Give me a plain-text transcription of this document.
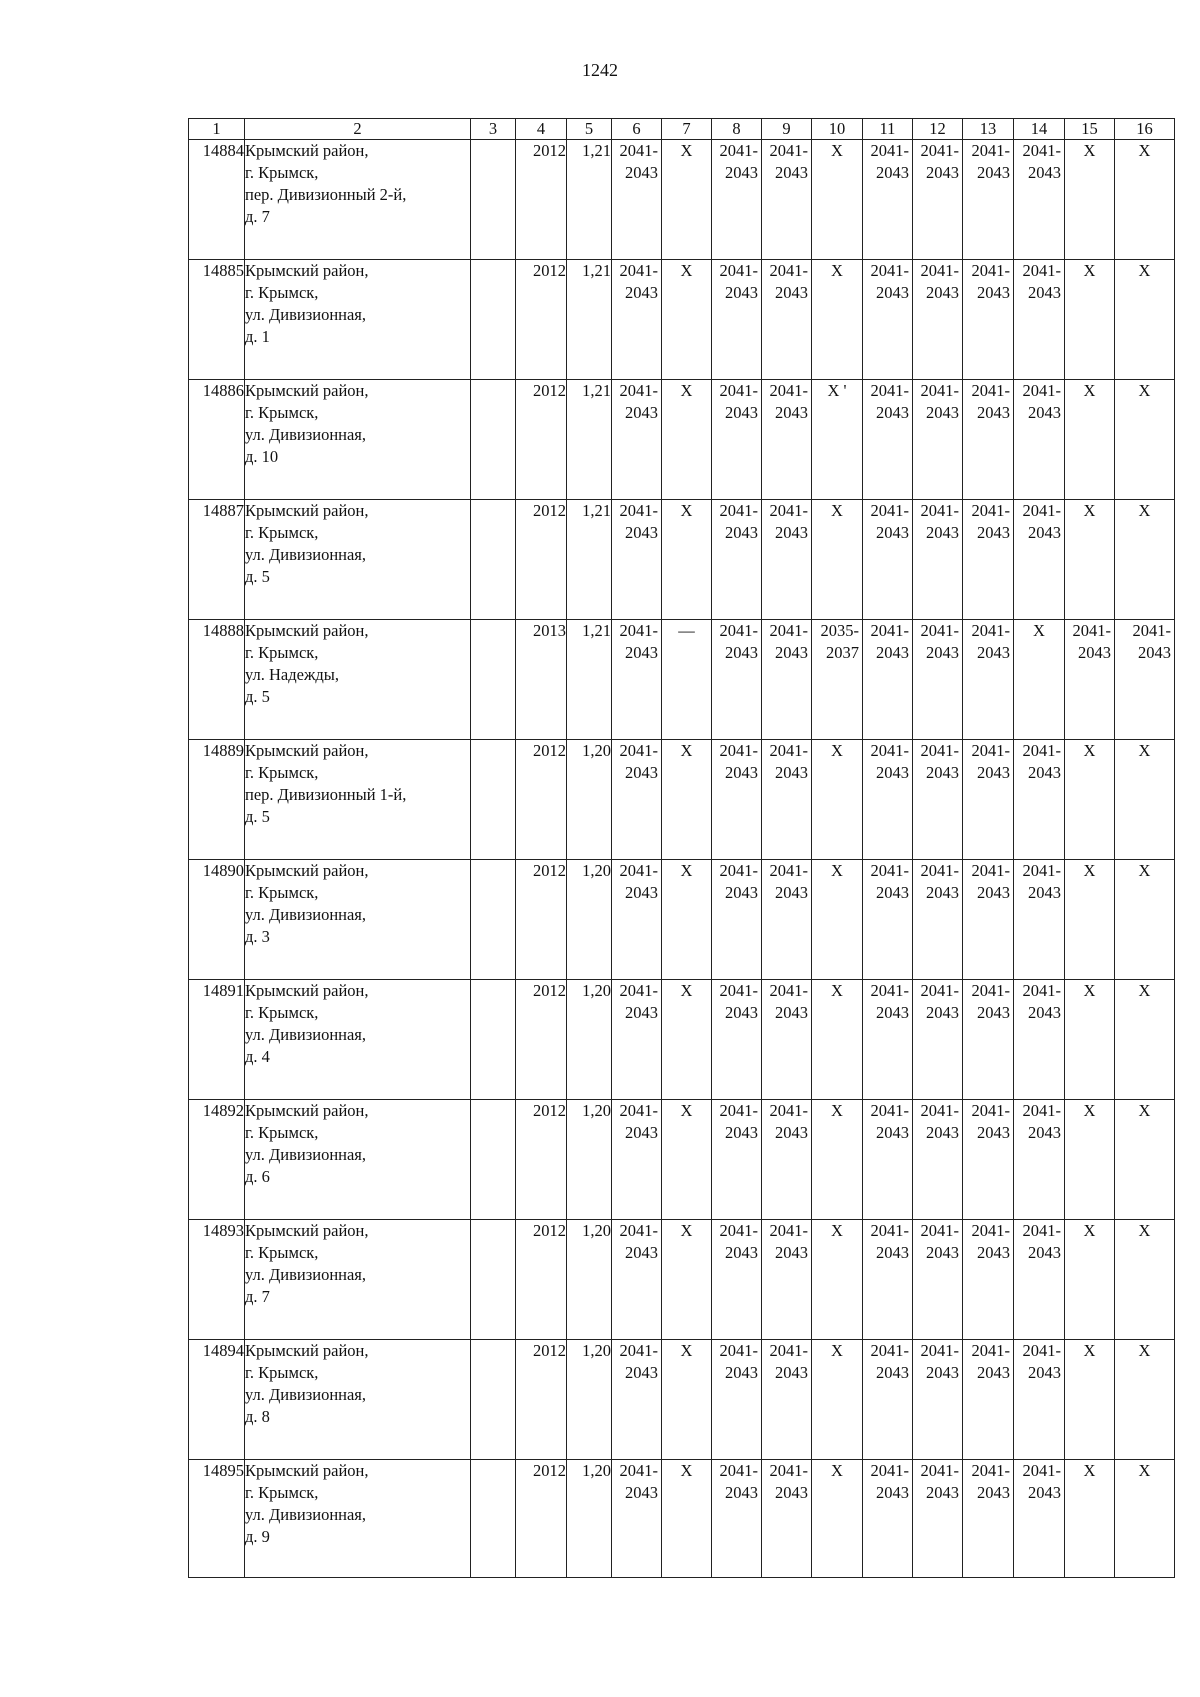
1242
1	2	3	4	5	6	7	8	9	10	11	12	13	14	15	16
14884	Крымский район,
г. Крымск,
пер. Дивизионный 2-й,
д. 7		2012	1,21	2041-
2043	X	2041-
2043	2041-
2043	X	2041-
2043	2041-
2043	2041-
2043	2041-
2043	X	X

14885	Крымский район,
г. Крымск,
ул. Дивизионная,
д. 1		2012	1,21	2041-
2043	X	2041-
2043	2041-
2043	X	2041-
2043	2041-
2043	2041-
2043	2041-
2043	X	X

14886	Крымский район,
г. Крымск,
ул. Дивизионная,
д. 10		2012	1,21	2041-
2043	X	2041-
2043	2041-
2043	X '	2041-
2043	2041-
2043	2041-
2043	2041-
2043	X	X

14887	Крымский район,
г. Крымск,
ул. Дивизионная,
д. 5		2012	1,21	2041-
2043	X	2041-
2043	2041-
2043	X	2041-
2043	2041-
2043	2041-
2043	2041-
2043	X	X

14888	Крымский район,
г. Крымск,
ул. Надежды,
д. 5		2013	1,21	2041-
2043	—	2041-
2043	2041-
2043	2035-
2037	2041-
2043	2041-
2043	2041-
2043	X	2041-
2043	2041-
2043

14889	Крымский район,
г. Крымск,
пер. Дивизионный 1-й,
д. 5		2012	1,20	2041-
2043	X	2041-
2043	2041-
2043	X	2041-
2043	2041-
2043	2041-
2043	2041-
2043	X	X

14890	Крымский район,
г. Крымск,
ул. Дивизионная,
д. 3		2012	1,20	2041-
2043	X	2041-
2043	2041-
2043	X	2041-
2043	2041-
2043	2041-
2043	2041-
2043	X	X

14891	Крымский район,
г. Крымск,
ул. Дивизионная,
д. 4		2012	1,20	2041-
2043	X	2041-
2043	2041-
2043	X	2041-
2043	2041-
2043	2041-
2043	2041-
2043	X	X

14892	Крымский район,
г. Крымск,
ул. Дивизионная,
д. 6		2012	1,20	2041-
2043	X	2041-
2043	2041-
2043	X	2041-
2043	2041-
2043	2041-
2043	2041-
2043	X	X

14893	Крымский район,
г. Крымск,
ул. Дивизионная,
д. 7		2012	1,20	2041-
2043	X	2041-
2043	2041-
2043	X	2041-
2043	2041-
2043	2041-
2043	2041-
2043	X	X

14894	Крымский район,
г. Крымск,
ул. Дивизионная,
д. 8		2012	1,20	2041-
2043	X	2041-
2043	2041-
2043	X	2041-
2043	2041-
2043	2041-
2043	2041-
2043	X	X

14895	Крымский район,
г. Крымск,
ул. Дивизионная,
д. 9		2012	1,20	2041-
2043	X	2041-
2043	2041-
2043	X	2041-
2043	2041-
2043	2041-
2043	2041-
2043	X	X
